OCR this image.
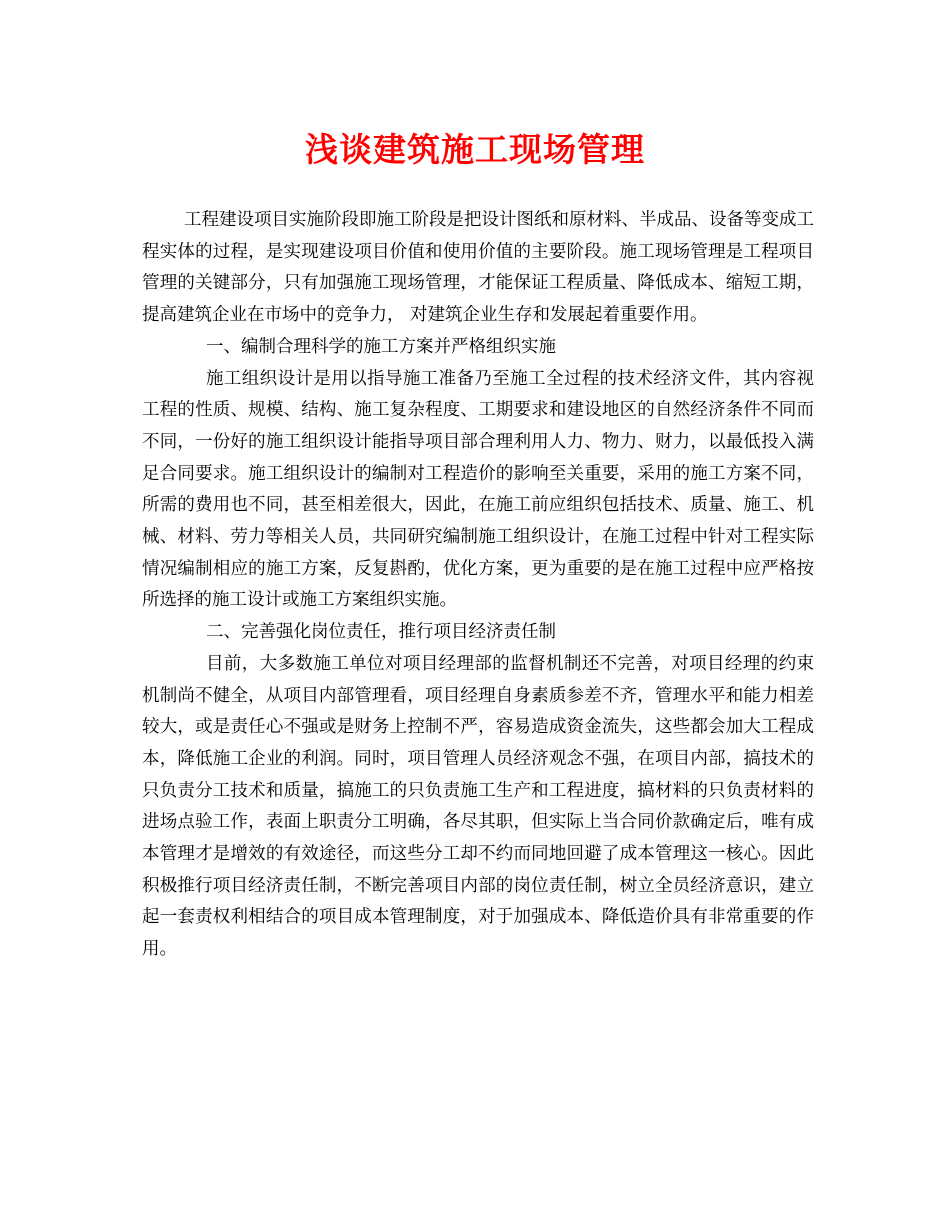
浅谈建筑施工现场管理

工程建设项目实施阶段即施工阶段是把设计图纸和原材料、半成品、设备等变成工程实体的过程，是实现建设项目价值和使用价值的主要阶段。施工现场管理是工程项目管理的关键部分，只有加强施工现场管理，才能保证工程质量、降低成本、缩短工期，提高建筑企业在市场中的竞争力， 对建筑企业生存和发展起着重要作用。

一、编制合理科学的施工方案并严格组织实施

施工组织设计是用以指导施工准备乃至施工全过程的技术经济文件，其内容视工程的性质、规模、结构、施工复杂程度、工期要求和建设地区的自然经济条件不同而不同，一份好的施工组织设计能指导项目部合理利用人力、物力、财力，以最低投入满足合同要求。施工组织设计的编制对工程造价的影响至关重要，采用的施工方案不同，所需的费用也不同，甚至相差很大，因此，在施工前应组织包括技术、质量、施工、机械、材料、劳力等相关人员，共同研究编制施工组织设计，在施工过程中针对工程实际情况编制相应的施工方案，反复斟酌，优化方案，更为重要的是在施工过程中应严格按所选择的施工设计或施工方案组织实施。

二、完善强化岗位责任，推行项目经济责任制

目前，大多数施工单位对项目经理部的监督机制还不完善，对项目经理的约束机制尚不健全，从项目内部管理看，项目经理自身素质参差不齐，管理水平和能力相差较大，或是责任心不强或是财务上控制不严，容易造成资金流失，这些都会加大工程成本，降低施工企业的利润。同时，项目管理人员经济观念不强，在项目内部，搞技术的只负责分工技术和质量，搞施工的只负责施工生产和工程进度，搞材料的只负责材料的进场点验工作，表面上职责分工明确，各尽其职，但实际上当合同价款确定后，唯有成本管理才是增效的有效途径，而这些分工却不约而同地回避了成本管理这一核心。因此积极推行项目经济责任制，不断完善项目内部的岗位责任制，树立全员经济意识，建立起一套责权利相结合的项目成本管理制度，对于加强成本、降低造价具有非常重要的作用。
